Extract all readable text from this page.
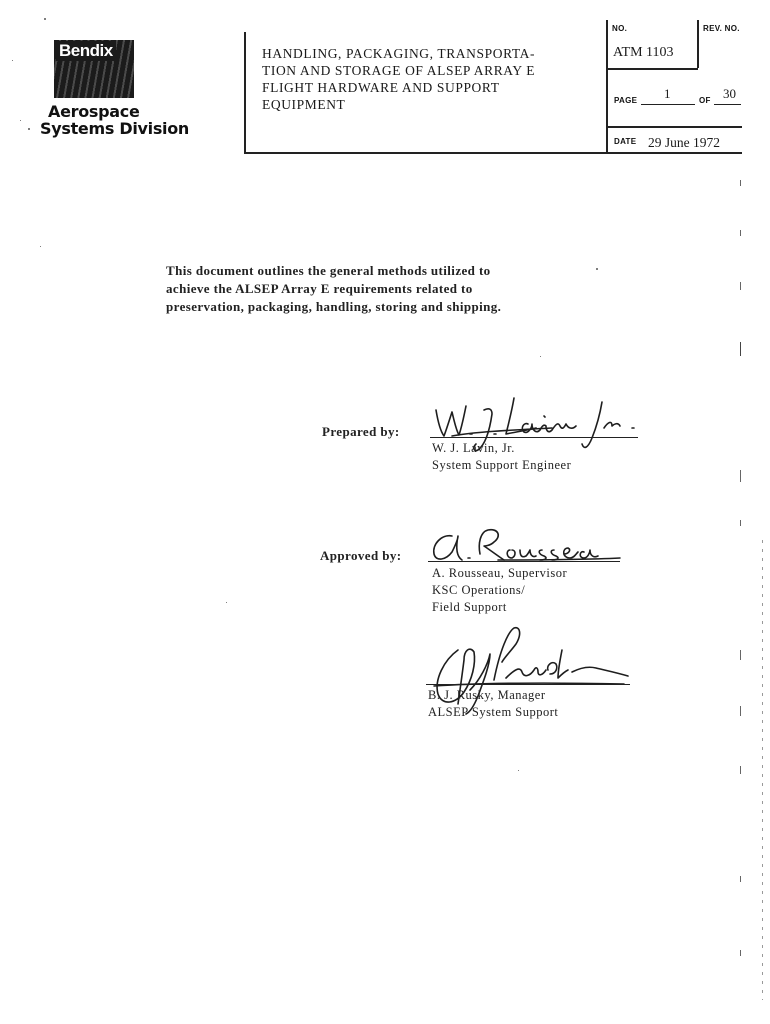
Bendix
Aerospace
Systems Division
HANDLING, PACKAGING, TRANSPORTA-
TION AND STORAGE OF ALSEP ARRAY E
FLIGHT HARDWARE AND SUPPORT
EQUIPMENT
NO.	REV. NO.
ATM 1103
PAGE 1	OF 30
DATE 29 June 1972
This document outlines the general methods utilized to
achieve the ALSEP Array E requirements related to
preservation, packaging, handling, storing and shipping.
Prepared by:
W. J. Lavin, Jr.
System Support Engineer
Approved by:
A. Rousseau, Supervisor
KSC Operations/
Field Support
B. J. Rusky, Manager
ALSEP System Support
